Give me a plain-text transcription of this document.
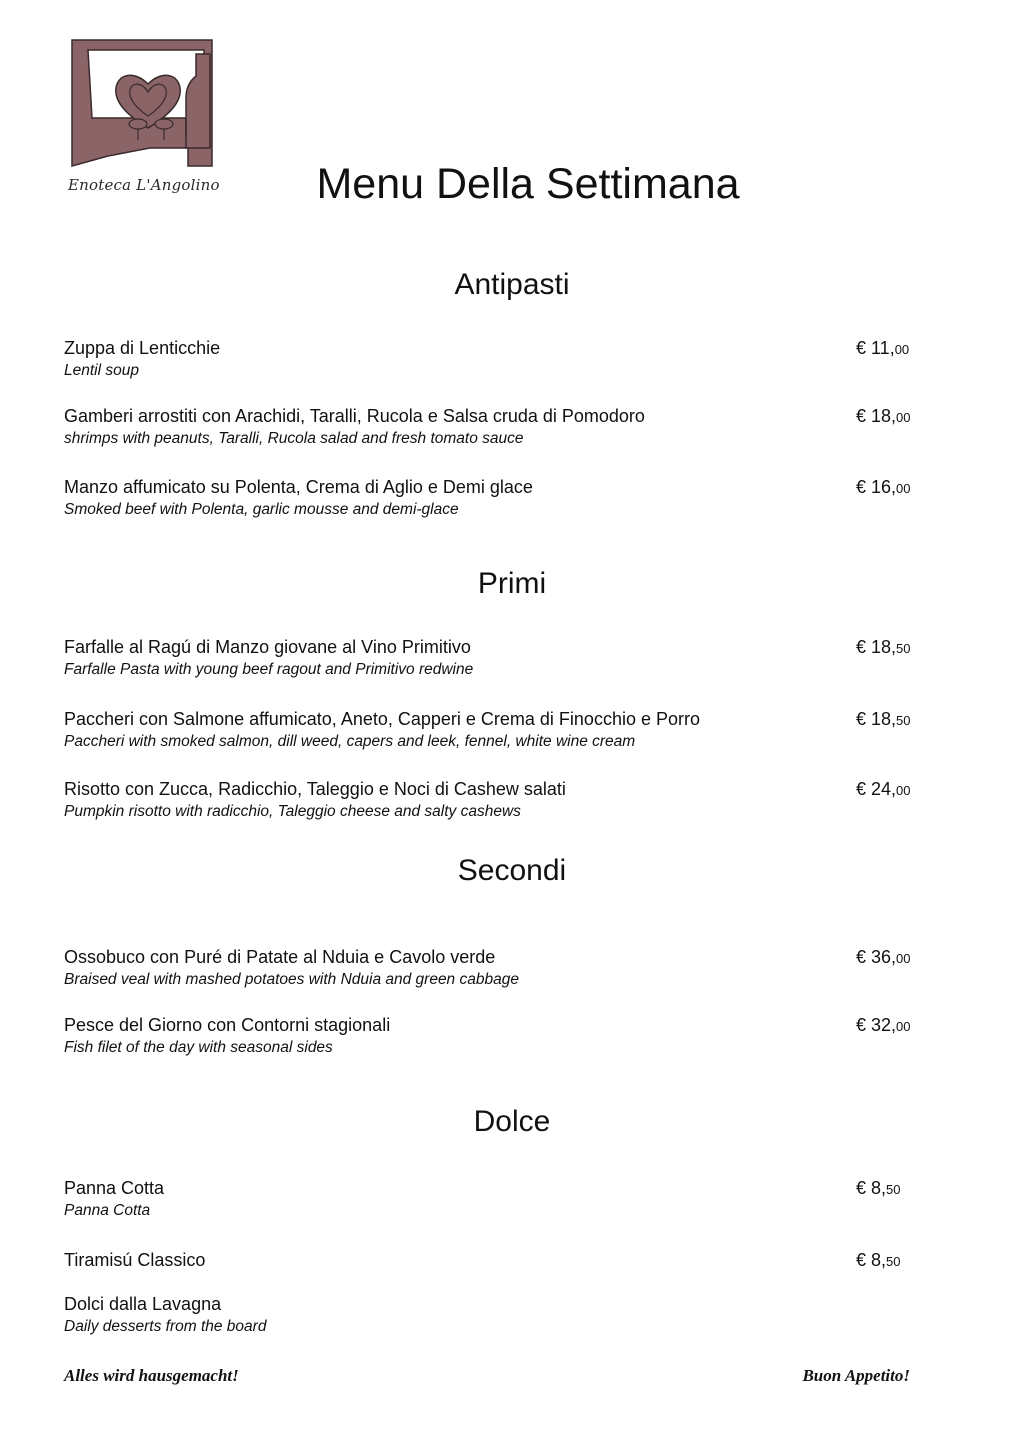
Enoteca L'Angolino	Menu Della Settimana
Antipasti
Zuppa di Lenticchie
Lentil soup
€ 11,00
Gamberi arrostiti con Arachidi, Taralli, Rucola e Salsa cruda di Pomodoro
shrimps with peanuts, Taralli, Rucola salad and fresh tomato sauce
€ 18,00
Manzo affumicato su Polenta, Crema di Aglio e Demi glace
Smoked beef with Polenta, garlic mousse and demi-glace
€ 16,00
Primi
Farfalle al Ragú di Manzo giovane al Vino Primitivo
Farfalle Pasta with young beef ragout and Primitivo redwine
€ 18,50
Paccheri con Salmone affumicato, Aneto, Capperi e Crema di Finocchio e Porro
Paccheri with smoked salmon, dill weed, capers and leek, fennel, white wine cream
€ 18,50
Risotto con Zucca, Radicchio, Taleggio e Noci di Cashew salati
Pumpkin risotto with radicchio, Taleggio cheese and salty cashews
€ 24,00
Secondi
Ossobuco con Puré di Patate al Nduia e Cavolo verde
Braised veal with mashed potatoes with Nduia and green cabbage
€ 36,00
Pesce del Giorno con Contorni stagionali
Fish filet of the day with seasonal sides
€ 32,00
Dolce
Panna Cotta
Panna Cotta
€ 8,50
Tiramisú Classico	€ 8,50
Dolci dalla Lavagna
Daily desserts from the board
Alles wird hausgemacht!	Buon Appetito!
